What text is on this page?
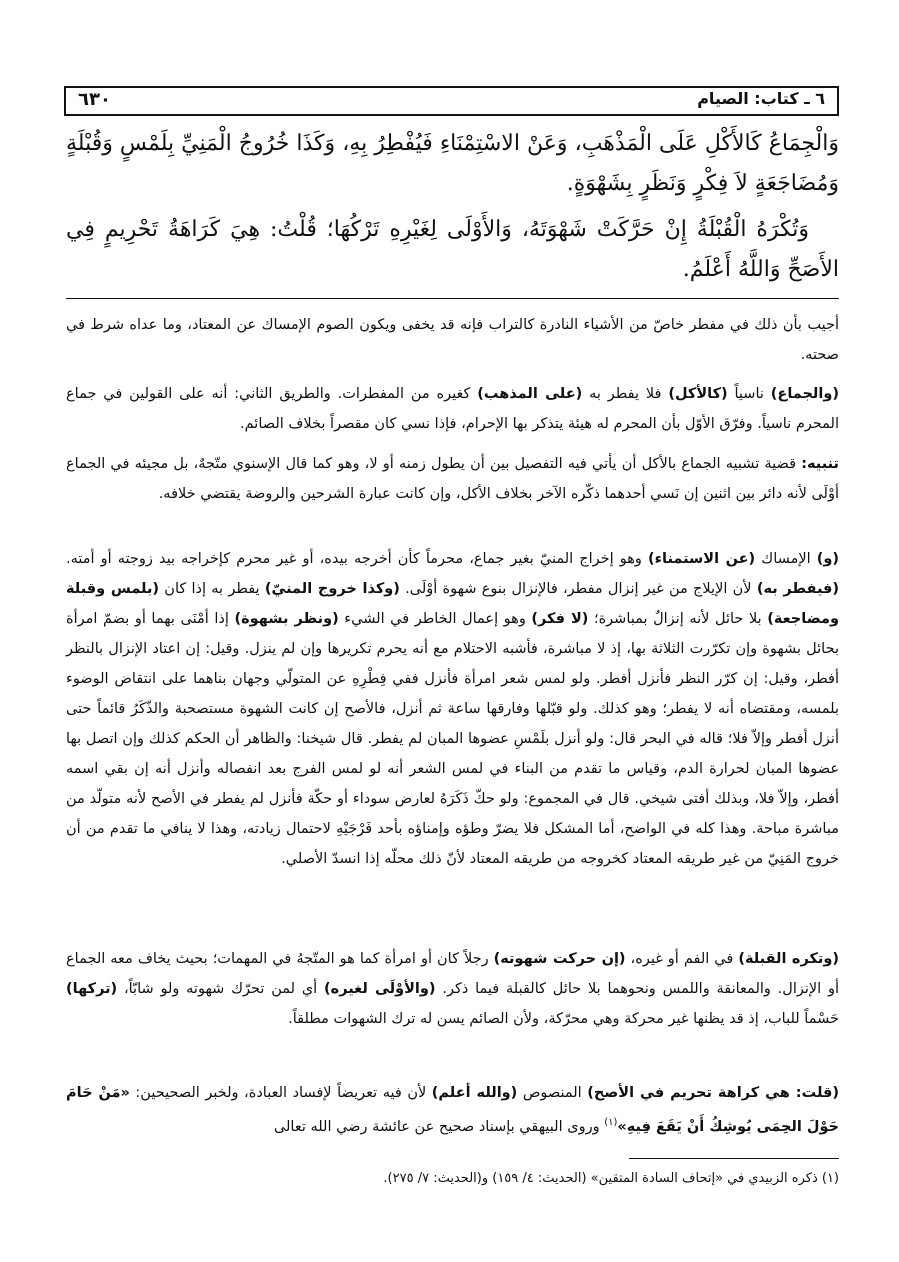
٦٣٠	٦ ـ كتاب: الصيام

وَالْجِمَاعُ كَالأَكْلِ عَلَى الْمَذْهَبِ، وَعَنْ الاسْتِمْنَاءِ فَيُفْطِرُ بِهِ، وَكَذَا خُرُوجُ الْمَنِيِّ بِلَمْسٍ وَقُبْلَةٍ وَمُضَاجَعَةٍ لاَ فِكْرٍ وَنَظَرٍ بِشَهْوَةٍ.

وَتُكْرَهُ الْقُبْلَةُ إِنْ حَرَّكَتْ شَهْوَتَهُ، وَالأَوْلَى لِغَيْرِهِ تَرْكُهَا؛ قُلْتُ: هِيَ كَرَاهَةُ تَحْرِيمٍ فِي الأَصَحِّ وَاللَّهُ أَعْلَمُ.

أجيب بأن ذلك في مفطر خاصّ من الأشياء النادرة كالتراب فإنه قد يخفى ويكون الصوم الإمساك عن المعتاد، وما عداه شرط في صحته.
(والجماع) ناسياً (كالأكل) فلا يفطر به (على المذهب) كغيره من المفطرات. والطريق الثاني: أنه على القولين في جماع المحرم ناسياً. وفرّق الأوّل بأن المحرم له هيئة يتذكر بها الإحرام، فإذا نسي كان مقصراً بخلاف الصائم.
تنبيه: قضية تشبيه الجماع بالأكل أن يأتي فيه التفصيل بين أن يطول زمنه أو لا، وهو كما قال الإسنوي متّجهٌ، بل مجيئه في الجماع أوْلَى لأنه دائر بين اثنين إن نَسي أحدهما ذكّره الآخر بخلاف الأكل، وإن كانت عبارة الشرحين والروضة يقتضي خلافه.
(و) الإمساك (عن الاستمناء) وهو إخراج المنيّ بغير جماع، محرماً كأن أخرجه بيده، أو غير محرم كإخراجه بيد زوجته أو أمته. (فيفطر به) لأن الإيلاج من غير إنزال مفطر، فالإنزال بنوع شهوة أوْلَى. (وكذا خروج المنيّ) يفطر به إذا كان (بلمس وقبلة ومضاجعة) بلا حائل لأنه إنزالٌ بمباشرة؛ (لا فكر) وهو إعمال الخاطر في الشيء (ونظر بشهوة) إذا أمْنَى بهما أو بضمّ امرأة بحائل بشهوة وإن تكرّرت الثلاثة بها، إذ لا مباشرة، فأشبه الاحتلام مع أنه يحرم تكريرها وإن لم ينزل. وقيل: إن اعتاد الإنزال بالنظر أفطر، وقيل: إن كرّر النظر فأنزل أفطر. ولو لمس شعر امرأة فأنزل ففي فِطْرِهِ عن المتولّي وجهان بناهما على انتقاض الوضوء بلمسه، ومقتضاه أنه لا يفطر؛ وهو كذلك. ولو قبّلها وفارقها ساعة ثم أنزل، فالأصح إن كانت الشهوة مستصحبة والذّكَرُ قائماً حتى أنزل أفطر وإلاّ فلا؛ قاله في البحر قال: ولو أنزل بلَمْسِ عضوها المبان لم يفطر. قال شيخنا: والظاهر أن الحكم كذلك وإن اتصل بها عضوها المبان لحرارة الدم، وقياس ما تقدم من البناء في لمس الشعر أنه لو لمس الفرج بعد انفصاله وأنزل أنه إن بقي اسمه أفطر، وإلاّ فلا، وبذلك أفتى شيخي. قال في المجموع: ولو حكّ ذَكَرَهُ لعارض سوداء أو حكّة فأنزل لم يفطر في الأصح لأنه متولّد من مباشرة مباحة. وهذا كله في الواضح، أما المشكل فلا يضرّ وطؤه وإمناؤه بأحد فَرْجَيْهِ لاحتمال زيادته، وهذا لا ينافي ما تقدم من أن خروج المَنِيّ من غير طريقه المعتاد كخروجه من طريقه المعتاد لأنّ ذلك محلّه إذا انسدّ الأصلي.
(وتكره القبلة) في الفم أو غيره، (إن حركت شهوته) رجلاً كان أو امرأة كما هو المتّجهُ في المهمات؛ بحيث يخاف معه الجماع أو الإنزال. والمعانقة واللمس ونحوهما بلا حائل كالقبلة فيما ذكر. (والأوْلَى لغيره) أي لمن تحرّك شهوته ولو شابّاً، (تركها) حَسْماً للباب، إذ قد يظنها غير محركة وهي محرّكة، ولأن الصائم يسن له ترك الشهوات مطلقاً.
(قلت: هي كراهة تحريم في الأصح) المنصوص (والله أعلم) لأن فيه تعريضاً لإفساد العبادة، ولخبر الصحيحين: «مَنْ حَامَ حَوْلَ الحِمَى يُوشِكُ أَنْ يَقَعَ فِيهِ»$^{(١)}$ وروى البيهقي بإسناد صحيح عن عائشة رضي الله تعالى
(١) ذكره الزبيدي في «إتحاف السادة المتقين» (الحديث: ٤/ ١٥٩) و(الحديث: ٧/ ٢٧٥).
